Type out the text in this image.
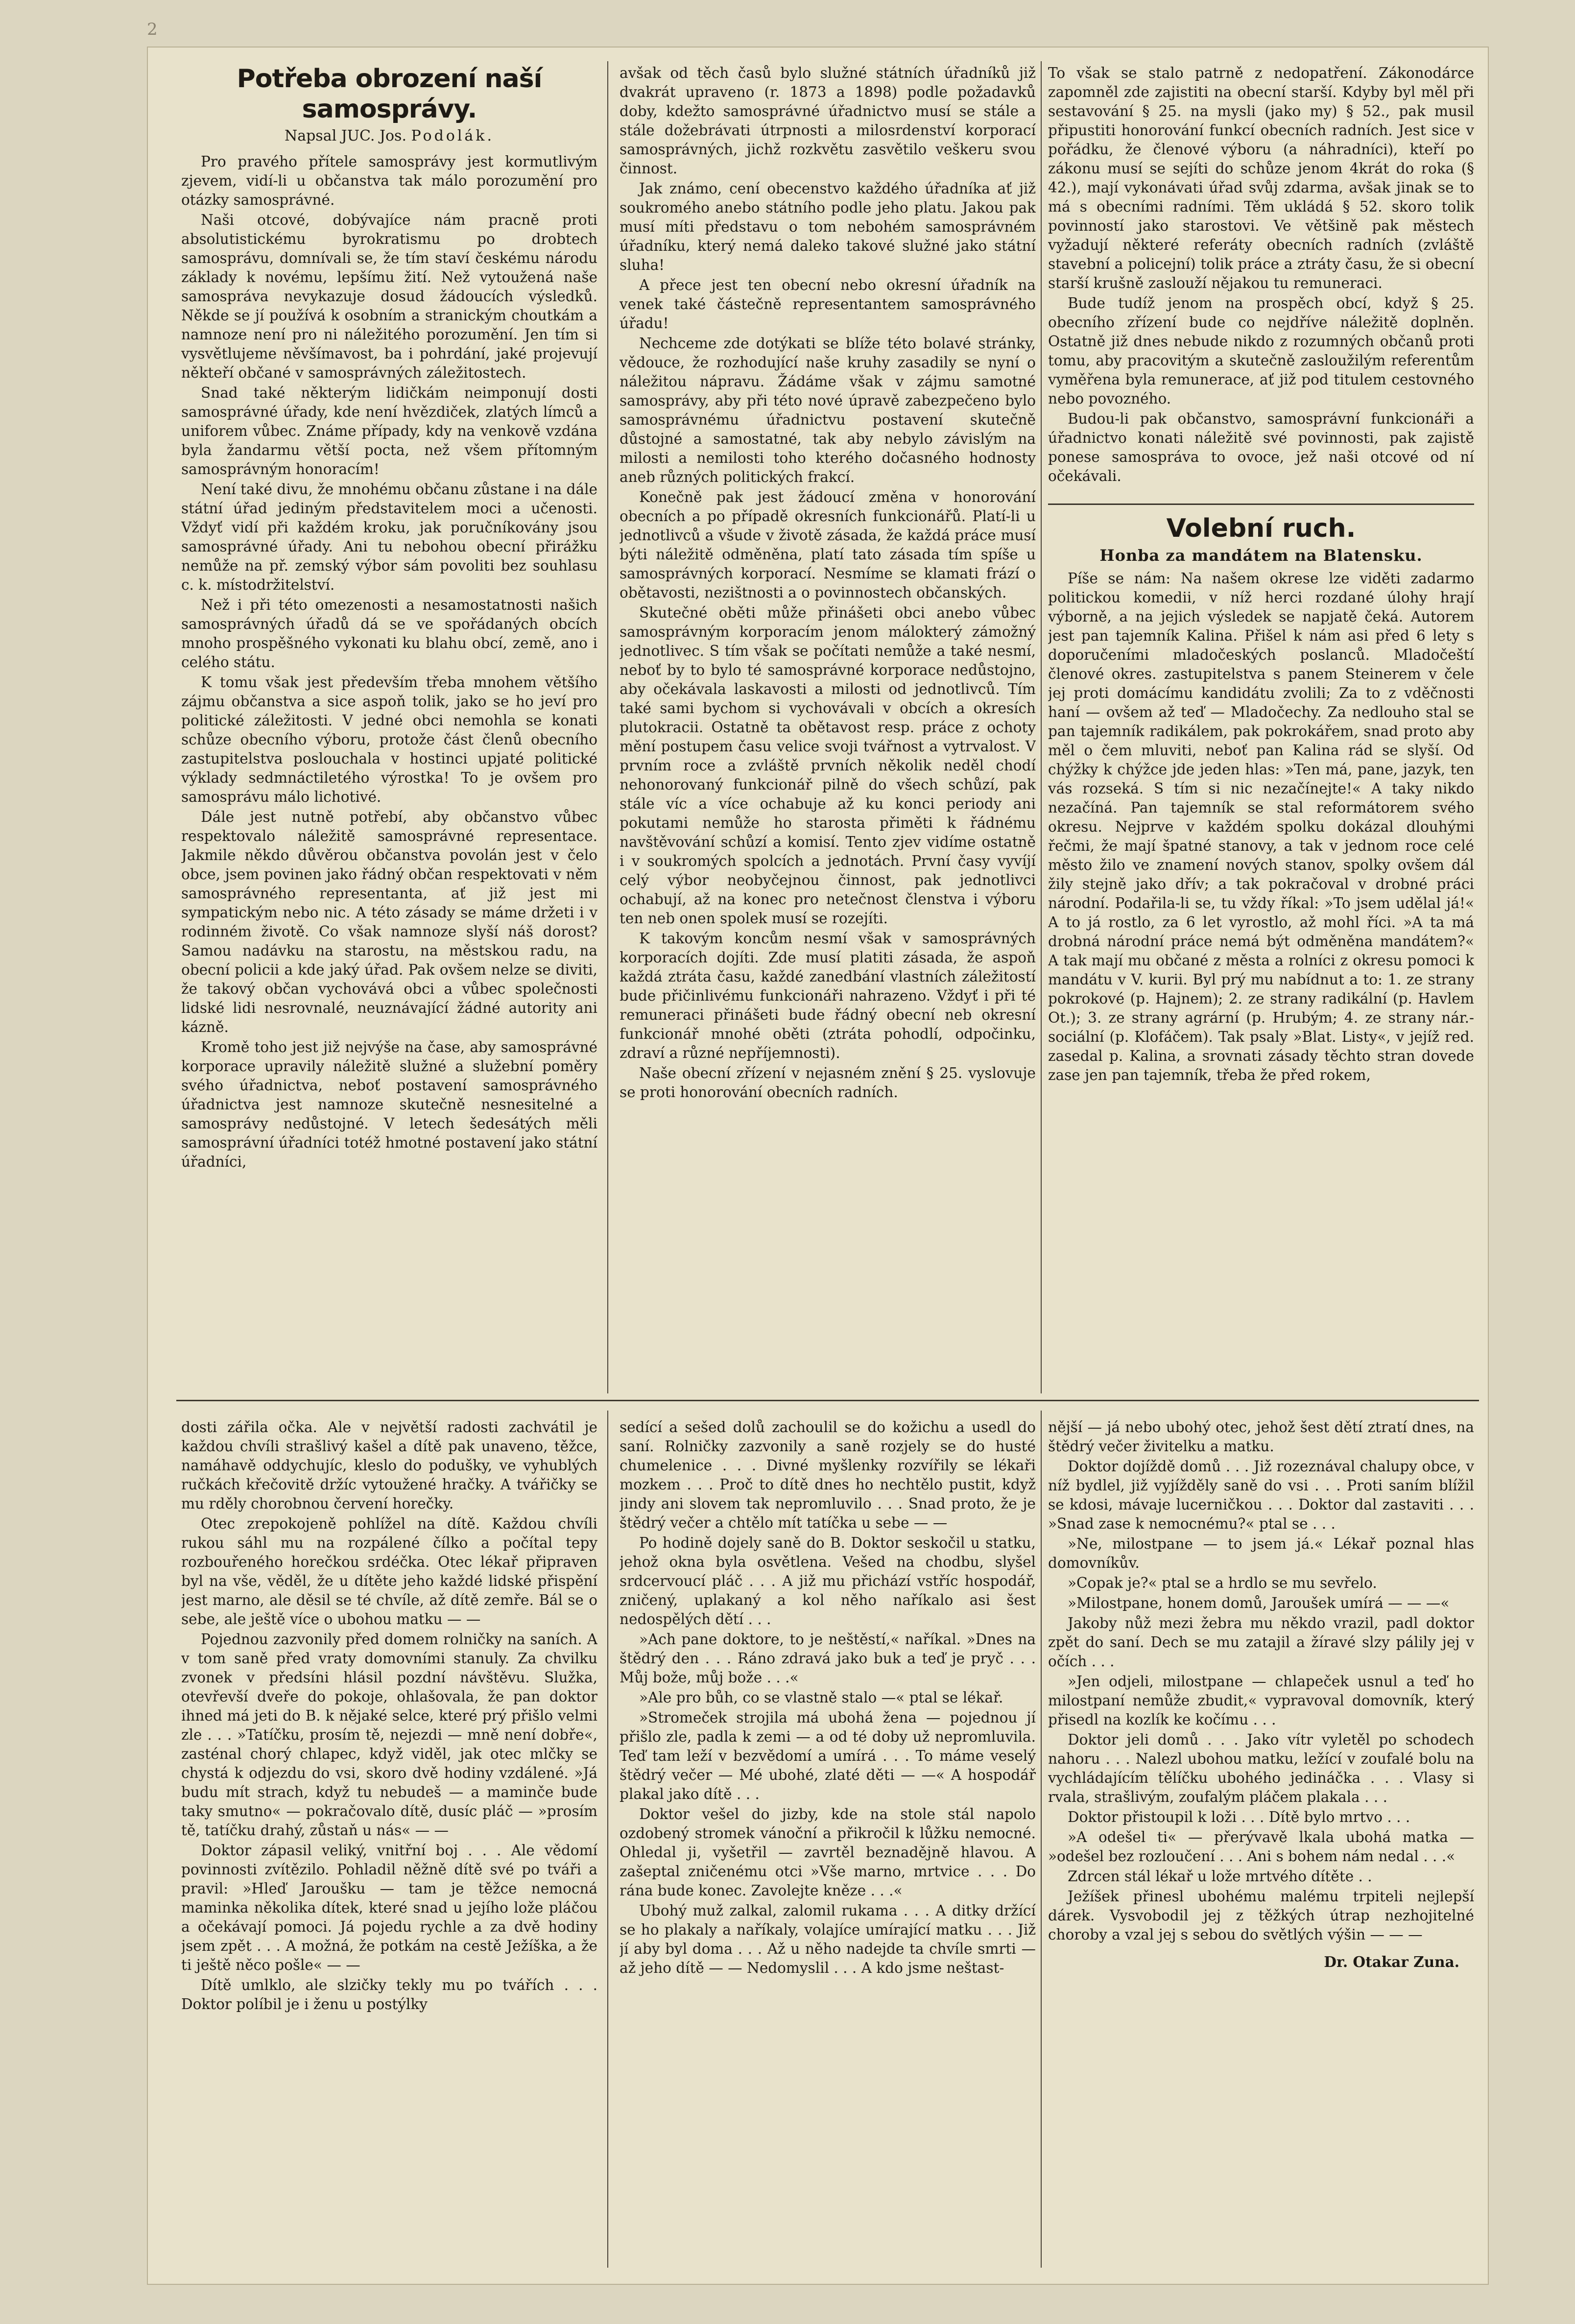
2
Potřeba obrození naší samosprávy.
Napsal JUC. Jos. Podolák.

Pro pravého přítele samosprávy jest kormutlivým zjevem, vidí-li u občanstva tak málo porozumění pro otázky samosprávné.

Naši otcové, dobývajíce nám pracně proti absolutistickému byrokratismu po drobtech samosprávu, domnívali se, že tím staví českému národu základy k novému, lepšímu žití. Než vytoužená naše samospráva nevykazuje dosud žádoucích výsledků. Někde se jí používá k osobním a stranickým choutkám a namnoze není pro ni náležitého porozumění. Jen tím si vysvětlujeme něvšímavost, ba i pohrdání, jaké projevují někteří občané v samosprávných záležitostech.

Snad také některým lidičkám neimponují dosti samosprávné úřady, kde není hvězdiček, zlatých límců a uniforem vůbec. Známe případy, kdy na venkově vzdána byla žandarmu větší pocta, než všem přítomným samosprávným honoracím!

Není také divu, že mnohému občanu zůstane i na dále státní úřad jediným představitelem moci a učenosti. Vždyť vidí při každém kroku, jak poručníkovány jsou samosprávné úřady. Ani tu nebohou obecní přirážku nemůže na př. zemský výbor sám povoliti bez souhlasu c. k. místodržitelství.

Než i při této omezenosti a nesamostatnosti našich samosprávných úřadů dá se ve spořádaných obcích mnoho prospěšného vykonati ku blahu obcí, země, ano i celého státu.

K tomu však jest především třeba mnohem většího zájmu občanstva a sice aspoň tolik, jako se ho jeví pro politické záležitosti. V jedné obci nemohla se konati schůze obecního výboru, protože část členů obecního zastupitelstva poslouchala v hostinci upjaté politické výklady sedmnáctiletého výrostka! To je ovšem pro samosprávu málo lichotivé.

Dále jest nutně potřebí, aby občanstvo vůbec respektovalo náležitě samosprávné representace. Jakmile někdo důvěrou občanstva povolán jest v čelo obce, jsem povinen jako řádný občan respektovati v něm samosprávného representanta, ať již jest mi sympatickým nebo nic. A této zásady se máme držeti i v rodinném životě. Co však namnoze slyší náš dorost? Samou nadávku na starostu, na městskou radu, na obecní policii a kde jaký úřad. Pak ovšem nelze se diviti, že takový občan vychovává obci a vůbec společnosti lidské lidi nesrovnalé, neuznávající žádné autority ani kázně.

Kromě toho jest již nejvýše na čase, aby samosprávné korporace upravily náležitě služné a služební poměry svého úřadnictva, neboť postavení samosprávného úřadnictva jest namnoze skutečně nesnesitelné a samosprávy nedůstojné. V letech šedesátých měli samosprávní úřadníci totéž hmotné postavení jako státní úřadníci,

avšak od těch časů bylo služné státních úřadníků již dvakrát upraveno (r. 1873 a 1898) podle požadavků doby, kdežto samosprávné úřadnictvo musí se stále a stále dožebrávati útrpnosti a milosrdenství korporací samosprávných, jichž rozkvětu zasvětilo veškeru svou činnost.

Jak známo, cení obecenstvo každého úřadníka ať již soukromého anebo státního podle jeho platu. Jakou pak musí míti představu o tom nebohém samosprávném úřadníku, který nemá daleko takové služné jako státní sluha!

A přece jest ten obecní nebo okresní úřadník na venek také částečně representantem samosprávného úřadu!

Nechceme zde dotýkati se blíže této bolavé stránky, vědouce, že rozhodující naše kruhy zasadily se nyní o náležitou nápravu. Žádáme však v zájmu samotné samosprávy, aby při této nové úpravě zabezpečeno bylo samosprávnému úřadnictvu postavení skutečně důstojné a samostatné, tak aby nebylo závislým na milosti a nemilosti toho kterého dočasného hodnosty aneb různých politických frakcí.

Konečně pak jest žádoucí změna v honorování obecních a po případě okresních funkcionářů. Platí-li u jednotlivců a všude v životě zásada, že každá práce musí býti náležitě odměněna, platí tato zásada tím spíše u samosprávných korporací. Nesmíme se klamati frází o obětavosti, nezištnosti a o povinnostech občanských.

Skutečné oběti může přinášeti obci anebo vůbec samosprávným korporacím jenom málokterý zámožný jednotlivec. S tím však se počítati nemůže a také nesmí, neboť by to bylo té samosprávné korporace nedůstojno, aby očekávala laskavosti a milosti od jednotlivců. Tím také sami bychom si vychovávali v obcích a okresích plutokracii. Ostatně ta obětavost resp. práce z ochoty mění postupem času velice svoji tvářnost a vytrvalost. V prvním roce a zvláště prvních několik neděl chodí nehonorovaný funkcionář pilně do všech schůzí, pak stále víc a více ochabuje až ku konci periody ani pokutami nemůže ho starosta přiměti k řádnému navštěvování schůzí a komisí. Tento zjev vidíme ostatně i v soukromých spolcích a jednotách. První časy vyvíjí celý výbor neobyčejnou činnost, pak jednotlivci ochabují, až na konec pro netečnost členstva i výboru ten neb onen spolek musí se rozejíti.

K takovým koncům nesmí však v samosprávných korporacích dojíti. Zde musí platiti zásada, že aspoň každá ztráta času, každé zanedbání vlastních záležitostí bude přičinlivému funkcionáři nahrazeno. Vždyť i při té remuneraci přinášeti bude řádný obecní neb okresní funkcionář mnohé oběti (ztráta pohodlí, odpočinku, zdraví a různé nepříjemnosti).

Naše obecní zřízení v nejasném znění § 25. vyslovuje se proti honorování obecních radních.

To však se stalo patrně z nedopatření. Zákonodárce zapomněl zde zajistiti na obecní starší. Kdyby byl měl při sestavování § 25. na mysli (jako my) § 52., pak musil připustiti honorování funkcí obecních radních. Jest sice v pořádku, že členové výboru (a náhradníci), kteří po zákonu musí se sejíti do schůze jenom 4krát do roka (§ 42.), mají vykonávati úřad svůj zdarma, avšak jinak se to má s obecními radními. Těm ukládá § 52. skoro tolik povinností jako starostovi. Ve většině pak městech vyžadují některé referáty obecních radních (zvláště stavební a policejní) tolik práce a ztráty času, že si obecní starší krušně zaslouží nějakou tu remuneraci.

Bude tudíž jenom na prospěch obcí, když § 25. obecního zřízení bude co nejdříve náležitě doplněn. Ostatně již dnes nebude nikdo z rozumných občanů proti tomu, aby pracovitým a skutečně zasloužilým referentům vyměřena byla remunerace, ať již pod titulem cestovného nebo povozného.

Budou-li pak občanstvo, samosprávní funkcionáři a úřadnictvo konati náležitě své povinnosti, pak zajistě ponese samospráva to ovoce, jež naši otcové od ní očekávali.

Volební ruch.
Honba za mandátem na Blatensku.

Píše se nám: Na našem okrese lze viděti zadarmo politickou komedii, v níž herci rozdané úlohy hrají výborně, a na jejich výsledek se napjatě čeká. Autorem jest pan tajemník Kalina. Přišel k nám asi před 6 lety s doporučeními mladočeských poslanců. Mladočeští členové okres. zastupitelstva s panem Steinerem v čele jej proti domácímu kandidátu zvolili; Za to z vděčnosti haní — ovšem až teď — Mladočechy. Za nedlouho stal se pan tajemník radikálem, pak pokrokářem, snad proto aby měl o čem mluviti, neboť pan Kalina rád se slyší. Od chýžky k chýžce jde jeden hlas: »Ten má, pane, jazyk, ten vás rozseká. S tím si nic nezačínejte!« A taky nikdo nezačíná. Pan tajemník se stal reformátorem svého okresu. Nejprve v každém spolku dokázal dlouhými řečmi, že mají špatné stanovy, a tak v jednom roce celé město žilo ve znamení nových stanov, spolky ovšem dál žily stejně jako dřív; a tak pokračoval v drobné práci národní. Podařila-li se, tu vždy říkal: »To jsem udělal já!« A to já rostlo, za 6 let vyrostlo, až mohl říci. »A ta má drobná národní práce nemá být odměněna mandátem?« A tak mají mu občané z města a rolníci z okresu pomoci k mandátu v V. kurii. Byl prý mu nabídnut a to: 1. ze strany pokrokové (p. Hajnem); 2. ze strany radikální (p. Havlem Ot.); 3. ze strany agrární (p. Hrubým; 4. ze strany nár.-sociální (p. Klofáčem). Tak psaly »Blat. Listy«, v jejíž red. zasedal p. Kalina, a srovnati zásady těchto stran dovede zase jen pan tajemník, třeba že před rokem,

dosti zářila očka. Ale v největší radosti zachvátil je každou chvíli strašlivý kašel a dítě pak unaveno, těžce, namáhavě oddychujíc, kleslo do podušky, ve vyhublých ručkách křečovitě držíc vytoužené hračky. A tvářičky se mu rděly chorobnou červení horečky.

Otec zrepokojeně pohlížel na dítě. Každou chvíli rukou sáhl mu na rozpálené čílko a počítal tepy rozbouřeného horečkou srdéčka. Otec lékař připraven byl na vše, věděl, že u dítěte jeho každé lidské přispění jest marno, ale děsil se té chvíle, až dítě zemře. Bál se o sebe, ale ještě více o ubohou matku — —

Pojednou zazvonily před domem rolničky na saních. A v tom saně před vraty domovními stanuly. Za chvilku zvonek v předsíni hlásil pozdní návštěvu. Služka, otevřevší dveře do pokoje, ohlašovala, že pan doktor ihned má jeti do B. k nějaké selce, které prý přišlo velmi zle . . . »Tatíčku, prosím tě, nejezdi — mně není dobře«, zasténal chorý chlapec, když viděl, jak otec mlčky se chystá k odjezdu do vsi, skoro dvě hodiny vzdálené. »Já budu mít strach, když tu nebudeš — a maminče bude taky smutno« — pokračovalo dítě, dusíc pláč — »prosím tě, tatíčku drahý, zůstaň u nás« — —

Doktor zápasil veliký, vnitřní boj . . . Ale vědomí povinnosti zvítězilo. Pohladil něžně dítě své po tváři a pravil: »Hleď Jaroušku — tam je těžce nemocná maminka několika dítek, které snad u jejího lože pláčou a očekávají pomoci. Já pojedu rychle a za dvě hodiny jsem zpět . . . A možná, že potkám na cestě Ježíška, a že ti ještě něco pošle« — —

Dítě umlklo, ale slzičky tekly mu po tvářích . . . Doktor políbil je i ženu u postýlky

sedící a sešed dolů zachoulil se do kožichu a usedl do saní. Rolničky zazvonily a saně rozjely se do husté chumelenice . . . Divné myšlenky rozvířily se lékaři mozkem . . . Proč to dítě dnes ho nechtělo pustit, když jindy ani slovem tak nepromluvilo . . . Snad proto, že je štědrý večer a chtělo mít tatíčka u sebe — —

Po hodině dojely saně do B. Doktor seskočil u statku, jehož okna byla osvětlena. Vešed na chodbu, slyšel srdcervoucí pláč . . . A již mu přichází vstříc hospodář, zničený, uplakaný a kol něho naříkalo asi šest nedospělých dětí . . .

»Ach pane doktore, to je neštěstí,« naříkal. »Dnes na štědrý den . . . Ráno zdravá jako buk a teď je pryč . . . Můj bože, můj bože . . .«

»Ale pro bůh, co se vlastně stalo —« ptal se lékař.

»Stromeček strojila má ubohá žena — pojednou jí přišlo zle, padla k zemi — a od té doby už nepromluvila. Teď tam leží v bezvědomí a umírá . . . To máme veselý štědrý večer — Mé ubohé, zlaté děti — —« A hospodář plakal jako dítě . . .

Doktor vešel do jizby, kde na stole stál napolo ozdobený stromek vánoční a přikročil k lůžku nemocné. Ohledal ji, vyšetřil — zavrtěl beznadějně hlavou. A zašeptal zničenému otci »Vše marno, mrtvice . . . Do rána bude konec. Zavolejte kněze . . .«

Ubohý muž zalkal, zalomil rukama . . . A ditky držící se ho plakaly a naříkaly, volajíce umírající matku . . . Již jí aby byl doma . . . Až u něho nadejde ta chvíle smrti — až jeho dítě — — Nedomyslil . . . A kdo jsme neštast-

nější — já nebo ubohý otec, jehož šest dětí ztratí dnes, na štědrý večer živitelku a matku.

Doktor dojíždě domů . . . Již rozeznával chalupy obce, v níž bydlel, již vyjížděly saně do vsi . . . Proti saním blížil se kdosi, mávaje lucerničkou . . . Doktor dal zastaviti . . . »Snad zase k nemocnému?« ptal se . . .

»Ne, milostpane — to jsem já.« Lékař poznal hlas domovníkův.

»Copak je?« ptal se a hrdlo se mu sevřelo.

»Milostpane, honem domů, Jaroušek umírá — — —«

Jakoby nůž mezi žebra mu někdo vrazil, padl doktor zpět do saní. Dech se mu zatajil a žíravé slzy pálily jej v očích . . .

»Jen odjeli, milostpane — chlapeček usnul a teď ho milostpaní nemůže zbudit,« vypravoval domovník, který přisedl na kozlík ke kočímu . . .

Doktor jeli domů . . . Jako vítr vyletěl po schodech nahoru . . . Nalezl ubohou matku, ležící v zoufalé bolu na vychládajícím tělíčku ubohého jedináčka . . . Vlasy si rvala, strašlivým, zoufalým pláčem plakala . . .

Doktor přistoupil k loži . . . Dítě bylo mrtvo . . .

»A odešel ti« — přerývavě lkala ubohá matka — »odešel bez rozloučení . . . Ani s bohem nám nedal . . .«

Zdrcen stál lékař u lože mrtvého dítěte . .

Ježíšek přinesl ubohému malému trpiteli nejlepší dárek. Vysvobodil jej z těžkých útrap nezhojitelné choroby a vzal jej s sebou do světlých výšin — — —

Dr. Otakar Zuna.
